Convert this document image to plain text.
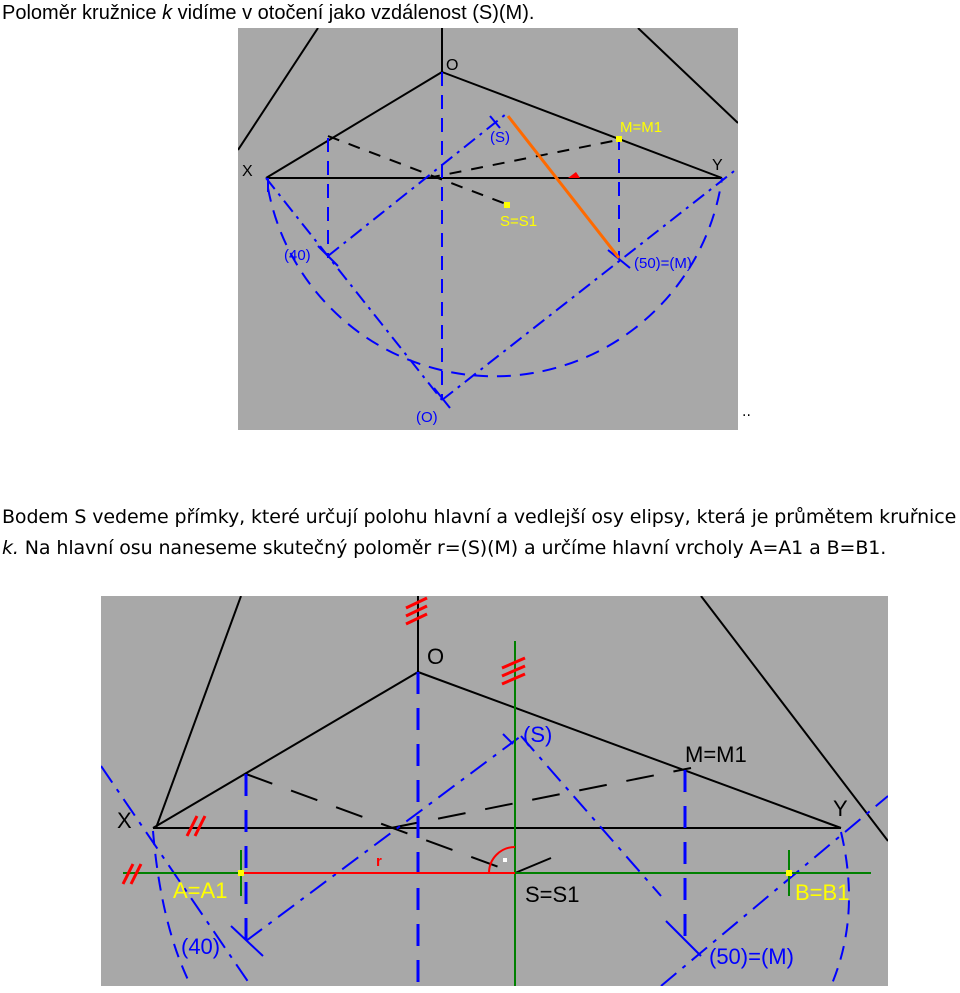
Poloměr kružnice k vidíme v otočení jako vzdálenost (S)(M).

O
X	Y
(S)
M=M1
S=S1
(40)	(50)=(M)
(O)	..

Bodem S vedeme přímky, které určují polohu hlavní a vedlejší osy elipsy, která je průmětem kruřnice k. Na hlavní osu naneseme skutečný poloměr r=(S)(M) a určíme hlavní vrcholy A=A1 a B=B1.

O
X	Y
(S)
M=M1
S=S1
A=A1	B=B1
r
(40)	(50)=(M)
